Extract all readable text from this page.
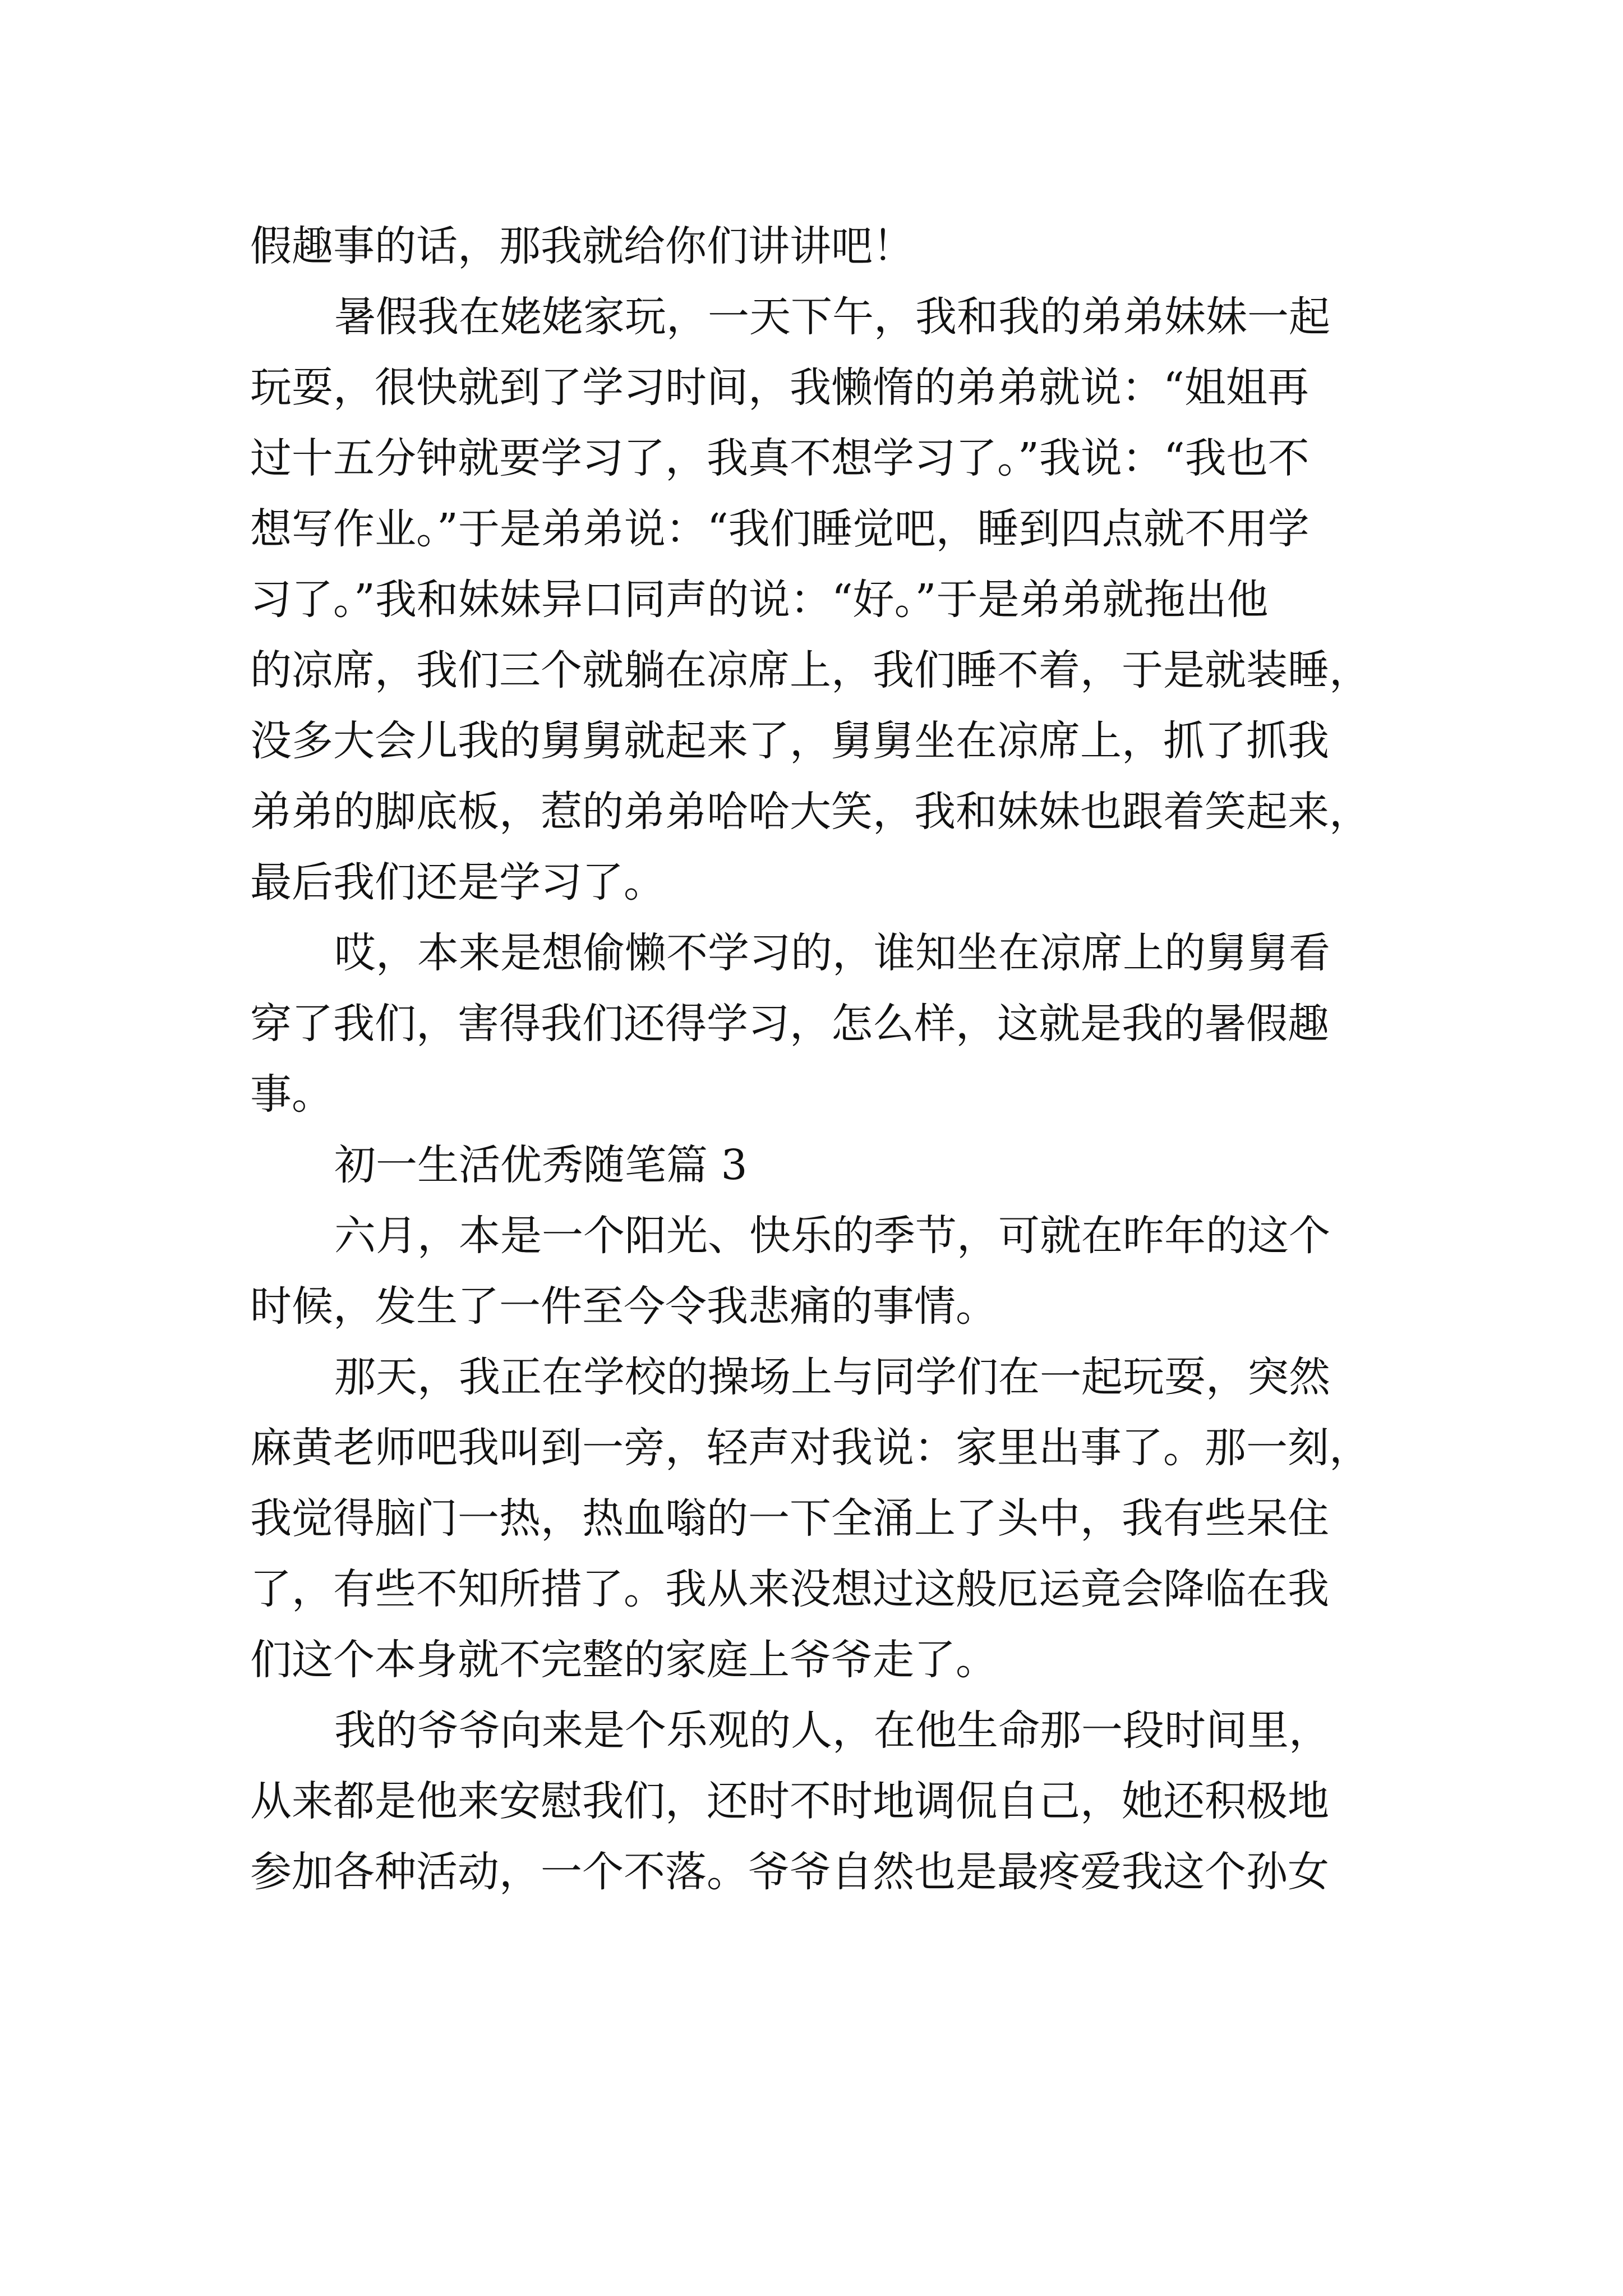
假趣事的话，那我就给你们讲讲吧！
暑假我在姥姥家玩，一天下午，我和我的弟弟妹妹一起
玩耍，很快就到了学习时间，我懒惰的弟弟就说：“姐姐再
过十五分钟就要学习了，我真不想学习了。”我说：“我也不
想写作业。”于是弟弟说：“我们睡觉吧，睡到四点就不用学
习了。”我和妹妹异口同声的说：“好。”于是弟弟就拖出他
的凉席，我们三个就躺在凉席上，我们睡不着，于是就装睡，
没多大会儿我的舅舅就起来了，舅舅坐在凉席上，抓了抓我
弟弟的脚底板，惹的弟弟哈哈大笑，我和妹妹也跟着笑起来，
最后我们还是学习了。
哎，本来是想偷懒不学习的，谁知坐在凉席上的舅舅看
穿了我们，害得我们还得学习，怎么样，这就是我的暑假趣
事。
初一生活优秀随笔篇 3
六月，本是一个阳光、快乐的季节，可就在昨年的这个
时候，发生了一件至今令我悲痛的事情。
那天，我正在学校的操场上与同学们在一起玩耍，突然
麻黄老师吧我叫到一旁，轻声对我说：家里出事了。那一刻，
我觉得脑门一热，热血嗡的一下全涌上了头中，我有些呆住
了，有些不知所措了。我从来没想过这般厄运竟会降临在我
们这个本身就不完整的家庭上爷爷走了。
我的爷爷向来是个乐观的人，在他生命那一段时间里，
从来都是他来安慰我们，还时不时地调侃自己，她还积极地
参加各种活动，一个不落。爷爷自然也是最疼爱我这个孙女
